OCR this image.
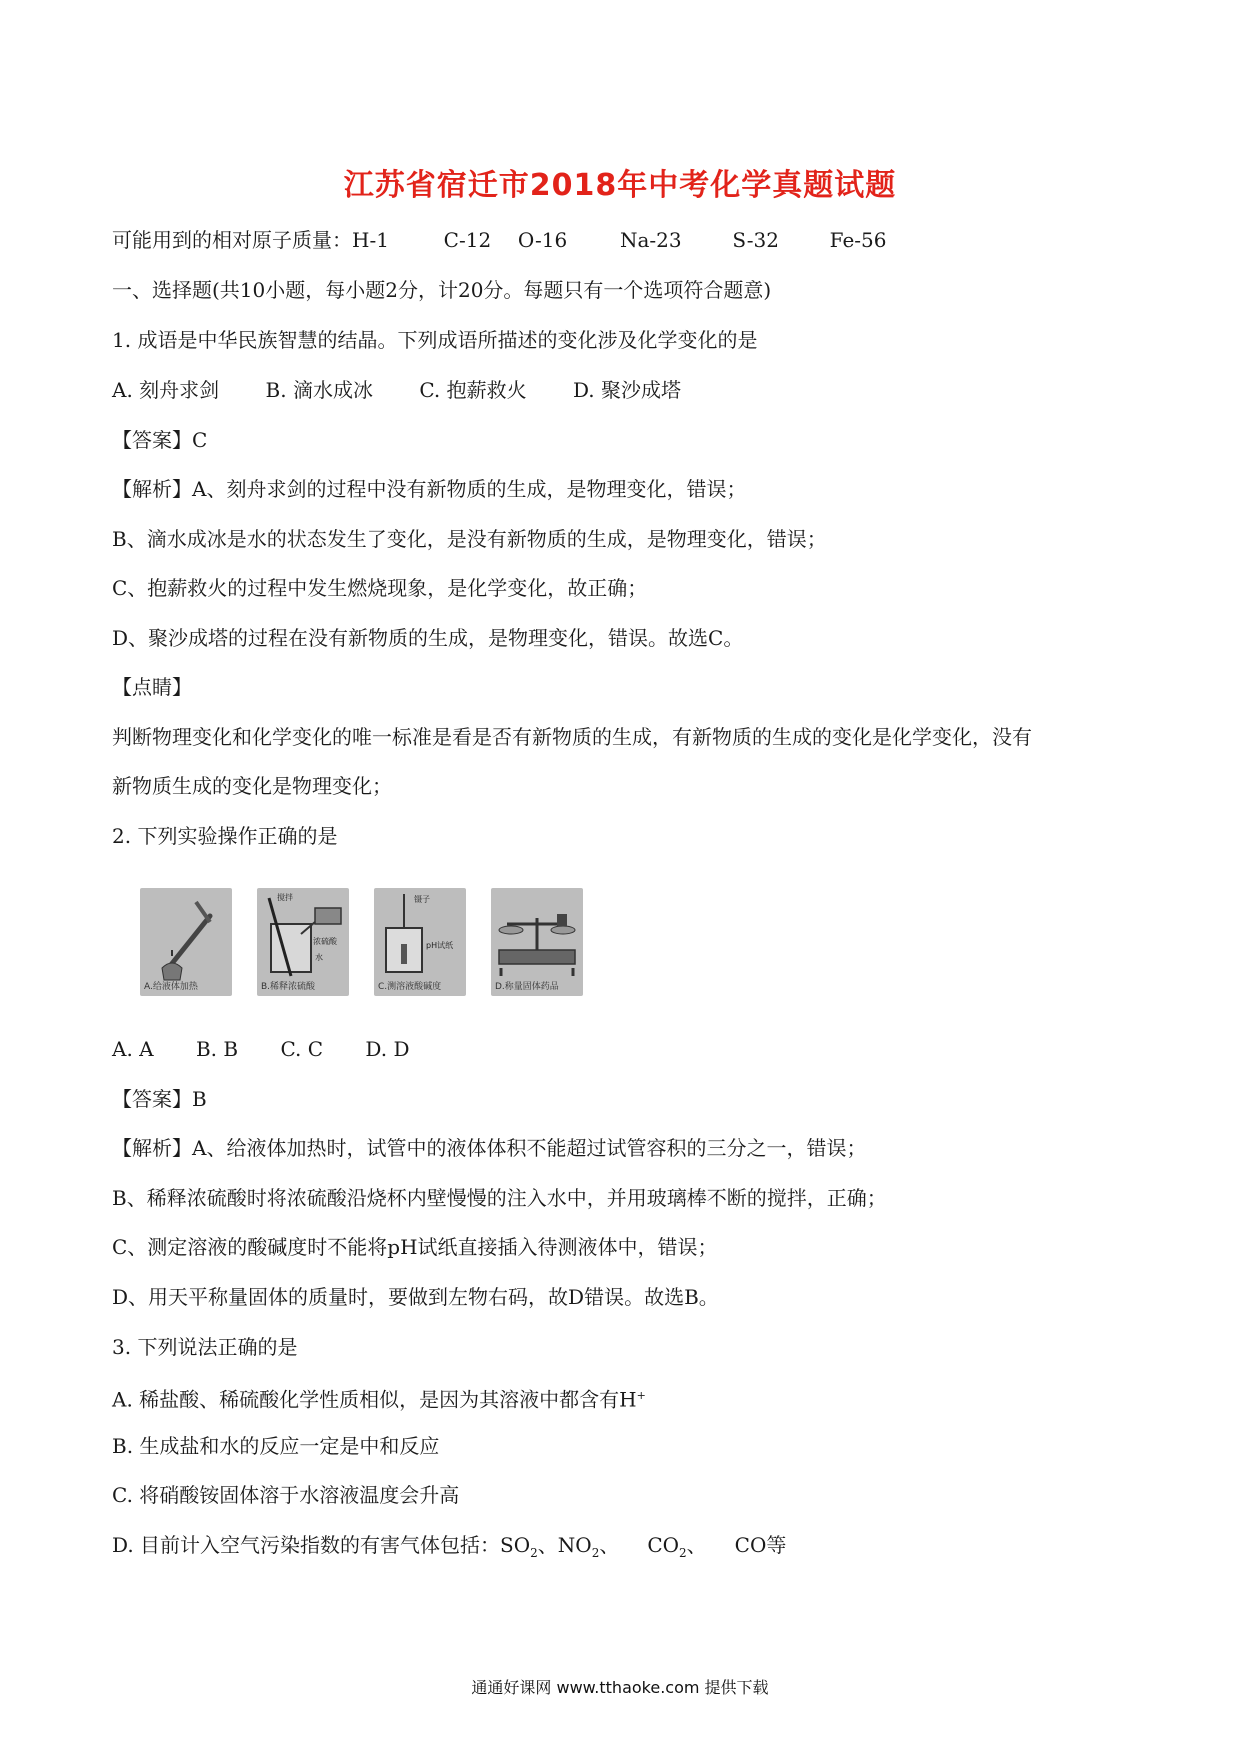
江苏省宿迁市2018年中考化学真题试题
可能用到的相对原子质量：H-1	C-12 O-16	Na-23	S-32	Fe-56
一、选择题(共10小题，每小题2分，计20分。每题只有一个选项符合题意)
1. 成语是中华民族智慧的结晶。下列成语所描述的变化涉及化学变化的是
A. 刻舟求剑 B. 滴水成冰 C. 抱薪救火 D. 聚沙成塔
【答案】C
【解析】A、刻舟求剑的过程中没有新物质的生成，是物理变化，错误；
B、滴水成冰是水的状态发生了变化，是没有新物质的生成，是物理变化，错误；
C、抱薪救火的过程中发生燃烧现象，是化学变化，故正确；
D、聚沙成塔的过程在没有新物质的生成，是物理变化，错误。故选C。
【点睛】
判断物理变化和化学变化的唯一标准是看是否有新物质的生成，有新物质的生成的变化是化学变化，没有
新物质生成的变化是物理变化；
2. 下列实验操作正确的是
A.给液体加热
搅拌
浓硫酸
水
B.稀释浓硫酸
镊子
pH试纸
C.测溶液酸碱度	D.称量固体药品
A. A B. B C. C D. D
【答案】B
【解析】A、给液体加热时，试管中的液体体积不能超过试管容积的三分之一，错误；
B、稀释浓硫酸时将浓硫酸沿烧杯内壁慢慢的注入水中，并用玻璃棒不断的搅拌，正确；
C、测定溶液的酸碱度时不能将pH试纸直接插入待测液体中，错误；
D、用天平称量固体的质量时，要做到左物右码，故D错误。故选B。
3. 下列说法正确的是
A. 稀盐酸、稀硫酸化学性质相似，是因为其溶液中都含有H+
B. 生成盐和水的反应一定是中和反应
C. 将硝酸铵固体溶于水溶液温度会升高
D. 目前计入空气污染指数的有害气体包括：$SO_2$、$NO_2$、 $CO_2$、 CO等
通通好课网 www.tthaoke.com 提供下载
